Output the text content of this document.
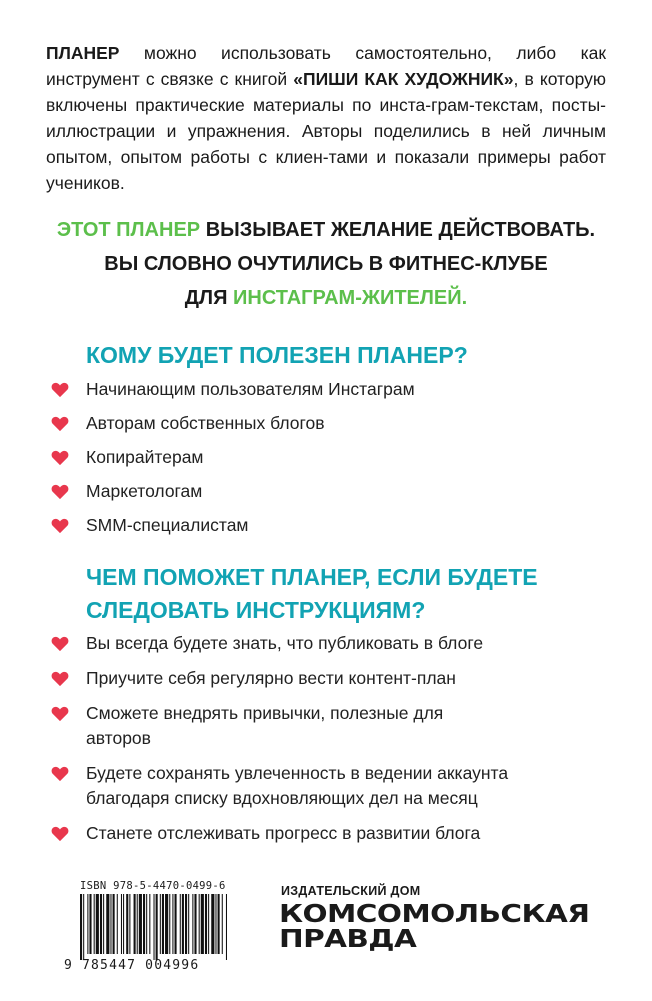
ПЛАНЕР можно использовать самостоятельно, либо как инструмент с связке с книгой «ПИШИ КАК ХУДОЖНИК», в которую включены практические материалы по инста-грам-текстам, посты-иллюстрации и упражнения. Авторы поделились в ней личным опытом, опытом работы с клиен-тами и показали примеры работ учеников.
ЭТОТ ПЛАНЕР ВЫЗЫВАЕТ ЖЕЛАНИЕ ДЕЙСТВОВАТЬ.
ВЫ СЛОВНО ОЧУТИЛИСЬ В ФИТНЕС-КЛУБЕ
ДЛЯ ИНСТАГРАМ-ЖИТЕЛЕЙ.
КОМУ БУДЕТ ПОЛЕЗЕН ПЛАНЕР?
Начинающим пользователям Инстаграм
Авторам собственных блогов
Копирайтерам
Маркетологам
SMM-специалистам
ЧЕМ ПОМОЖЕТ ПЛАНЕР, ЕСЛИ БУДЕТЕ
СЛЕДОВАТЬ ИНСТРУКЦИЯМ?
Вы всегда будете знать, что публиковать в блоге
Приучите себя регулярно вести контент-план
Сможете внедрять привычки, полезные для авторов
Будете сохранять увлеченность в ведении аккаунта благодаря списку вдохновляющих дел на месяц
Станете отслеживать прогресс в развитии блога
ISBN 978-5-4470-0499-6
9 785447 004996
ИЗДАТЕЛЬСКИЙ ДОМ
КОМСОМОЛЬСКАЯ
ПРАВДА
